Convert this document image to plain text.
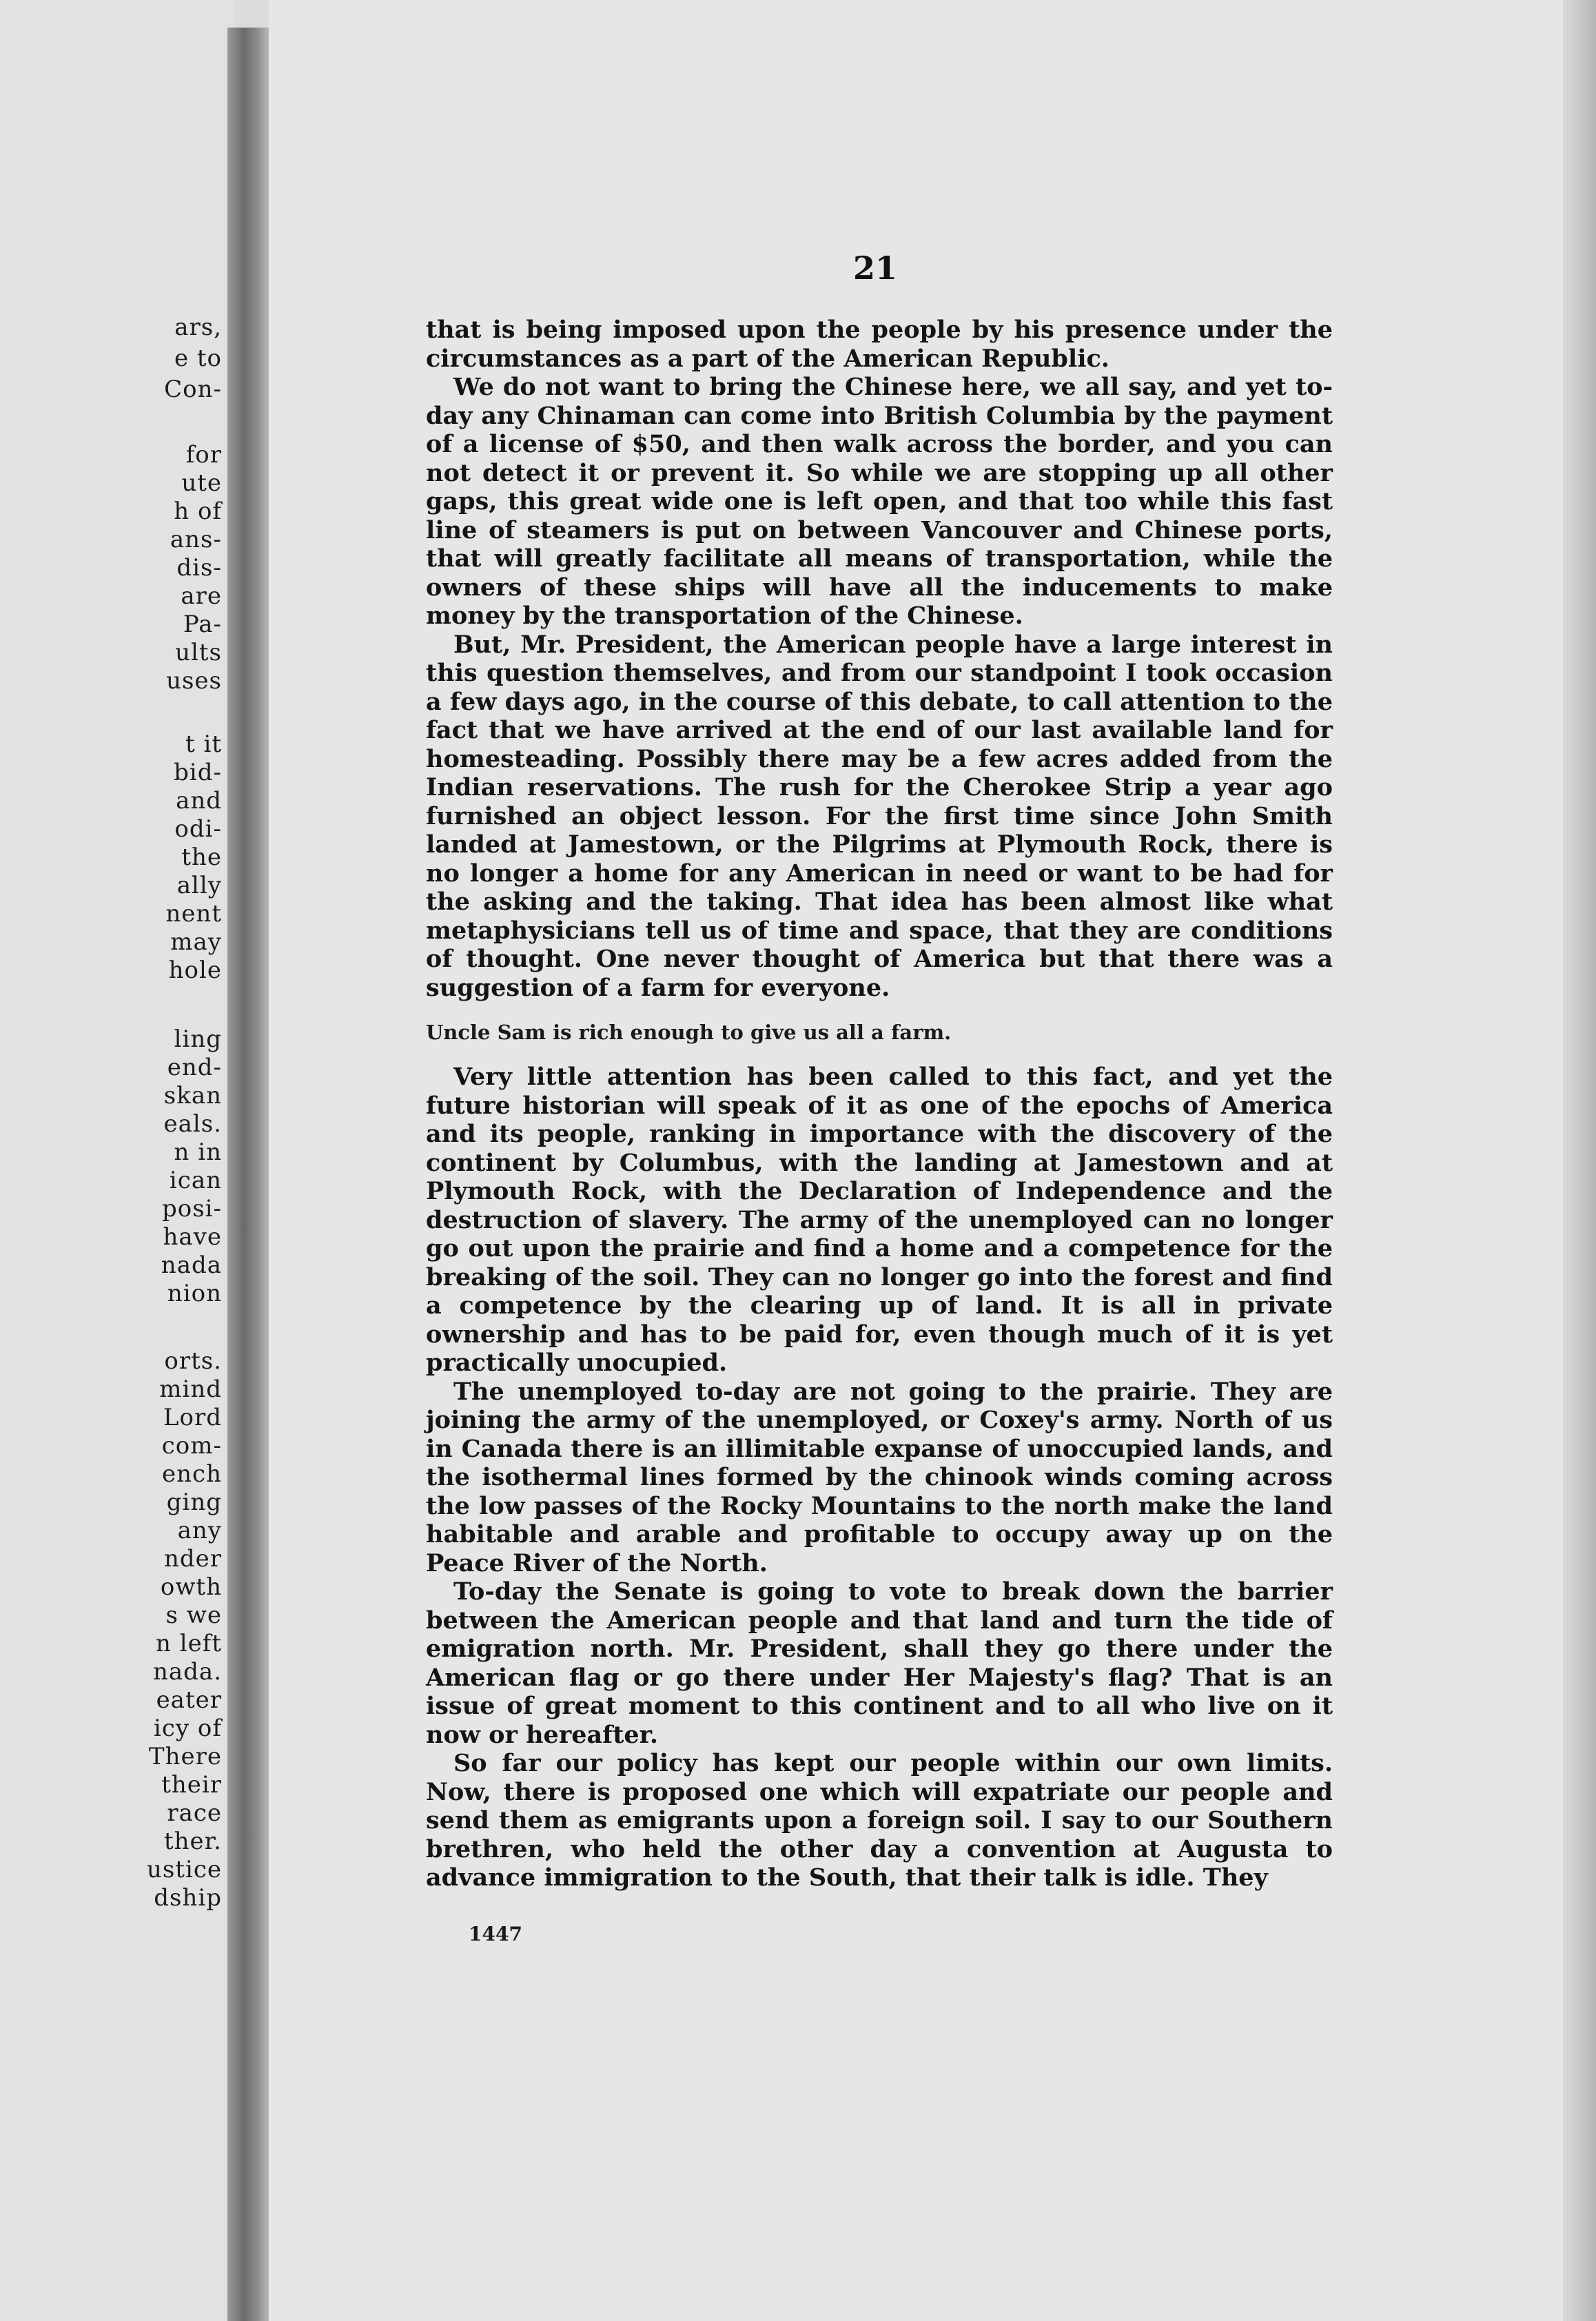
ars,
e to
Con-
for
ute
h of
ans-
dis-
are
Pa-
ults
uses
t it
bid-
and
odi-
the
ally
nent
may
hole
ling
end-
skan
eals.
n in
ican
posi-
have
nada
nion
orts.
mind
Lord
com-
ench
ging
any
nder
owth
s we
n left
nada.
eater
icy of
There
their
race
ther.
ustice
dship
21

that is being imposed upon the people by his presence under the circumstances as a part of the American Republic.

We do not want to bring the Chinese here, we all say, and yet to-day any Chinaman can come into British Columbia by the payment of a license of $50, and then walk across the border, and you can not detect it or prevent it. So while we are stopping up all other gaps, this great wide one is left open, and that too while this fast line of steamers is put on between Vancouver and Chinese ports, that will greatly facilitate all means of transportation, while the owners of these ships will have all the inducements to make money by the transportation of the Chinese.

But, Mr. President, the American people have a large interest in this question themselves, and from our standpoint I took occasion a few days ago, in the course of this debate, to call attention to the fact that we have arrived at the end of our last available land for homesteading. Possibly there may be a few acres added from the Indian reservations. The rush for the Cherokee Strip a year ago furnished an object lesson. For the first time since John Smith landed at Jamestown, or the Pilgrims at Plymouth Rock, there is no longer a home for any American in need or want to be had for the asking and the taking. That idea has been almost like what metaphysicians tell us of time and space, that they are conditions of thought. One never thought of America but that there was a suggestion of a farm for everyone.

Uncle Sam is rich enough to give us all a farm.

Very little attention has been called to this fact, and yet the future historian will speak of it as one of the epochs of America and its people, ranking in importance with the discovery of the continent by Columbus, with the landing at Jamestown and at Plymouth Rock, with the Declaration of Independence and the destruction of slavery. The army of the unemployed can no longer go out upon the prairie and find a home and a competence for the breaking of the soil. They can no longer go into the forest and find a competence by the clearing up of land. It is all in private ownership and has to be paid for, even though much of it is yet practically unocupied.

The unemployed to-day are not going to the prairie. They are joining the army of the unemployed, or Coxey's army. North of us in Canada there is an illimitable expanse of unoccupied lands, and the isothermal lines formed by the chinook winds coming across the low passes of the Rocky Mountains to the north make the land habitable and arable and profitable to occupy away up on the Peace River of the North.

To-day the Senate is going to vote to break down the barrier between the American people and that land and turn the tide of emigration north. Mr. President, shall they go there under the American flag or go there under Her Majesty's flag? That is an issue of great moment to this continent and to all who live on it now or hereafter.

So far our policy has kept our people within our own limits. Now, there is proposed one which will expatriate our people and send them as emigrants upon a foreign soil. I say to our Southern brethren, who held the other day a convention at Augusta to advance immigration to the South, that their talk is idle. They

1447
